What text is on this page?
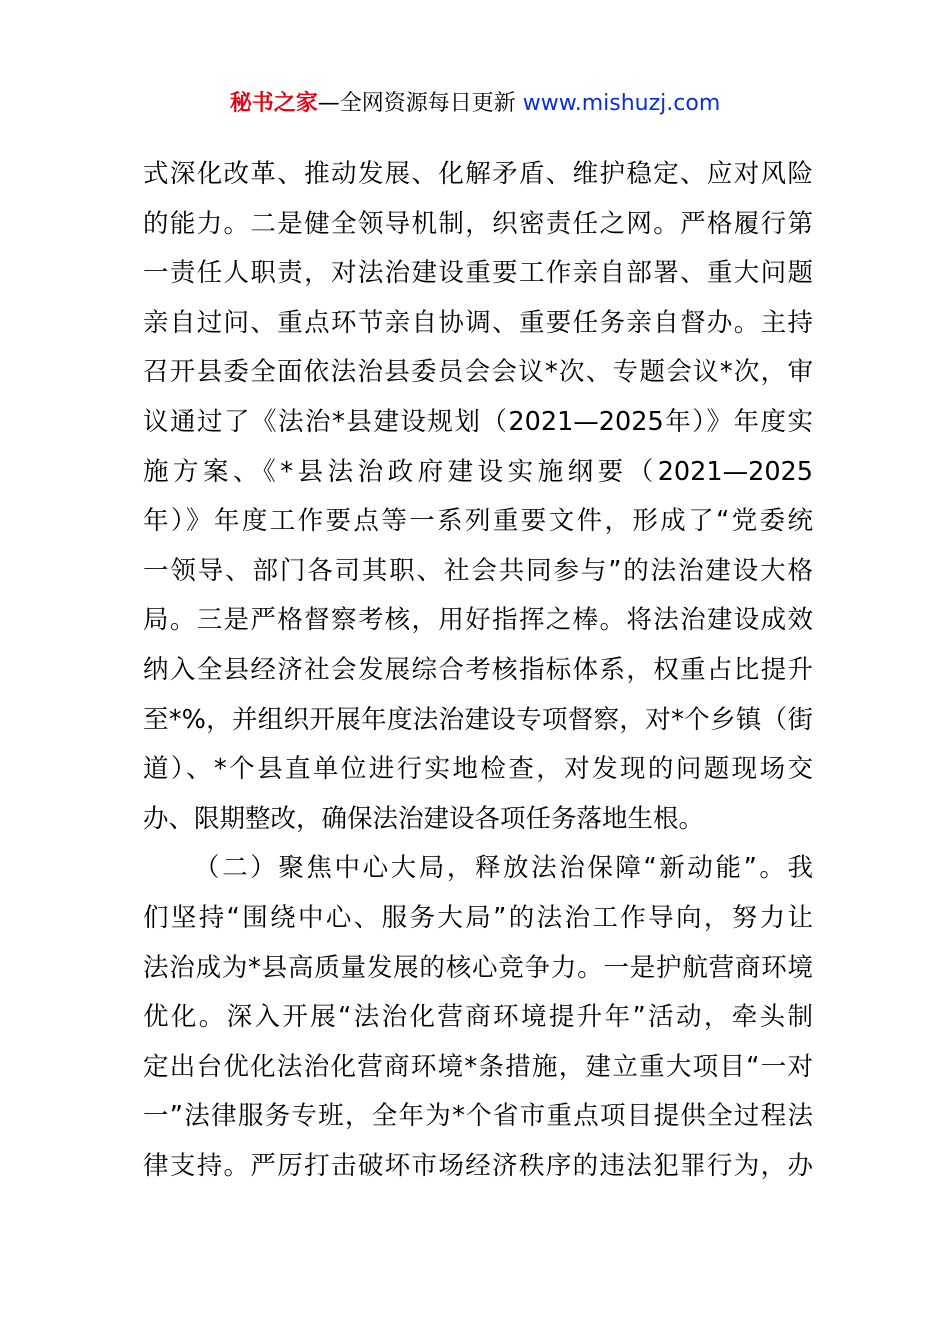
秘书之家—全网资源每日更新 www.mishuzj.com
式深化改革、推动发展、化解矛盾、维护稳定、应对风险
的能力。二是健全领导机制，织密责任之网。严格履行第
一责任人职责，对法治建设重要工作亲自部署、重大问题
亲自过问、重点环节亲自协调、重要任务亲自督办。主持
召开县委全面依法治县委员会会议*次、专题会议*次，审
议通过了《法治*县建设规划（2021—2025年）》年度实
施方案、《*县法治政府建设实施纲要（2021—2025
年）》年度工作要点等一系列重要文件，形成了“党委统
一领导、部门各司其职、社会共同参与”的法治建设大格
局。三是严格督察考核，用好指挥之棒。将法治建设成效
纳入全县经济社会发展综合考核指标体系，权重占比提升
至*%，并组织开展年度法治建设专项督察，对*个乡镇（街
道）、*个县直单位进行实地检查，对发现的问题现场交
办、限期整改，确保法治建设各项任务落地生根。
（二）聚焦中心大局，释放法治保障“新动能”。我
们坚持“围绕中心、服务大局”的法治工作导向，努力让
法治成为*县高质量发展的核心竞争力。一是护航营商环境
优化。深入开展“法治化营商环境提升年”活动，牵头制
定出台优化法治化营商环境*条措施，建立重大项目“一对
一”法律服务专班，全年为*个省市重点项目提供全过程法
律支持。严厉打击破坏市场经济秩序的违法犯罪行为，办
